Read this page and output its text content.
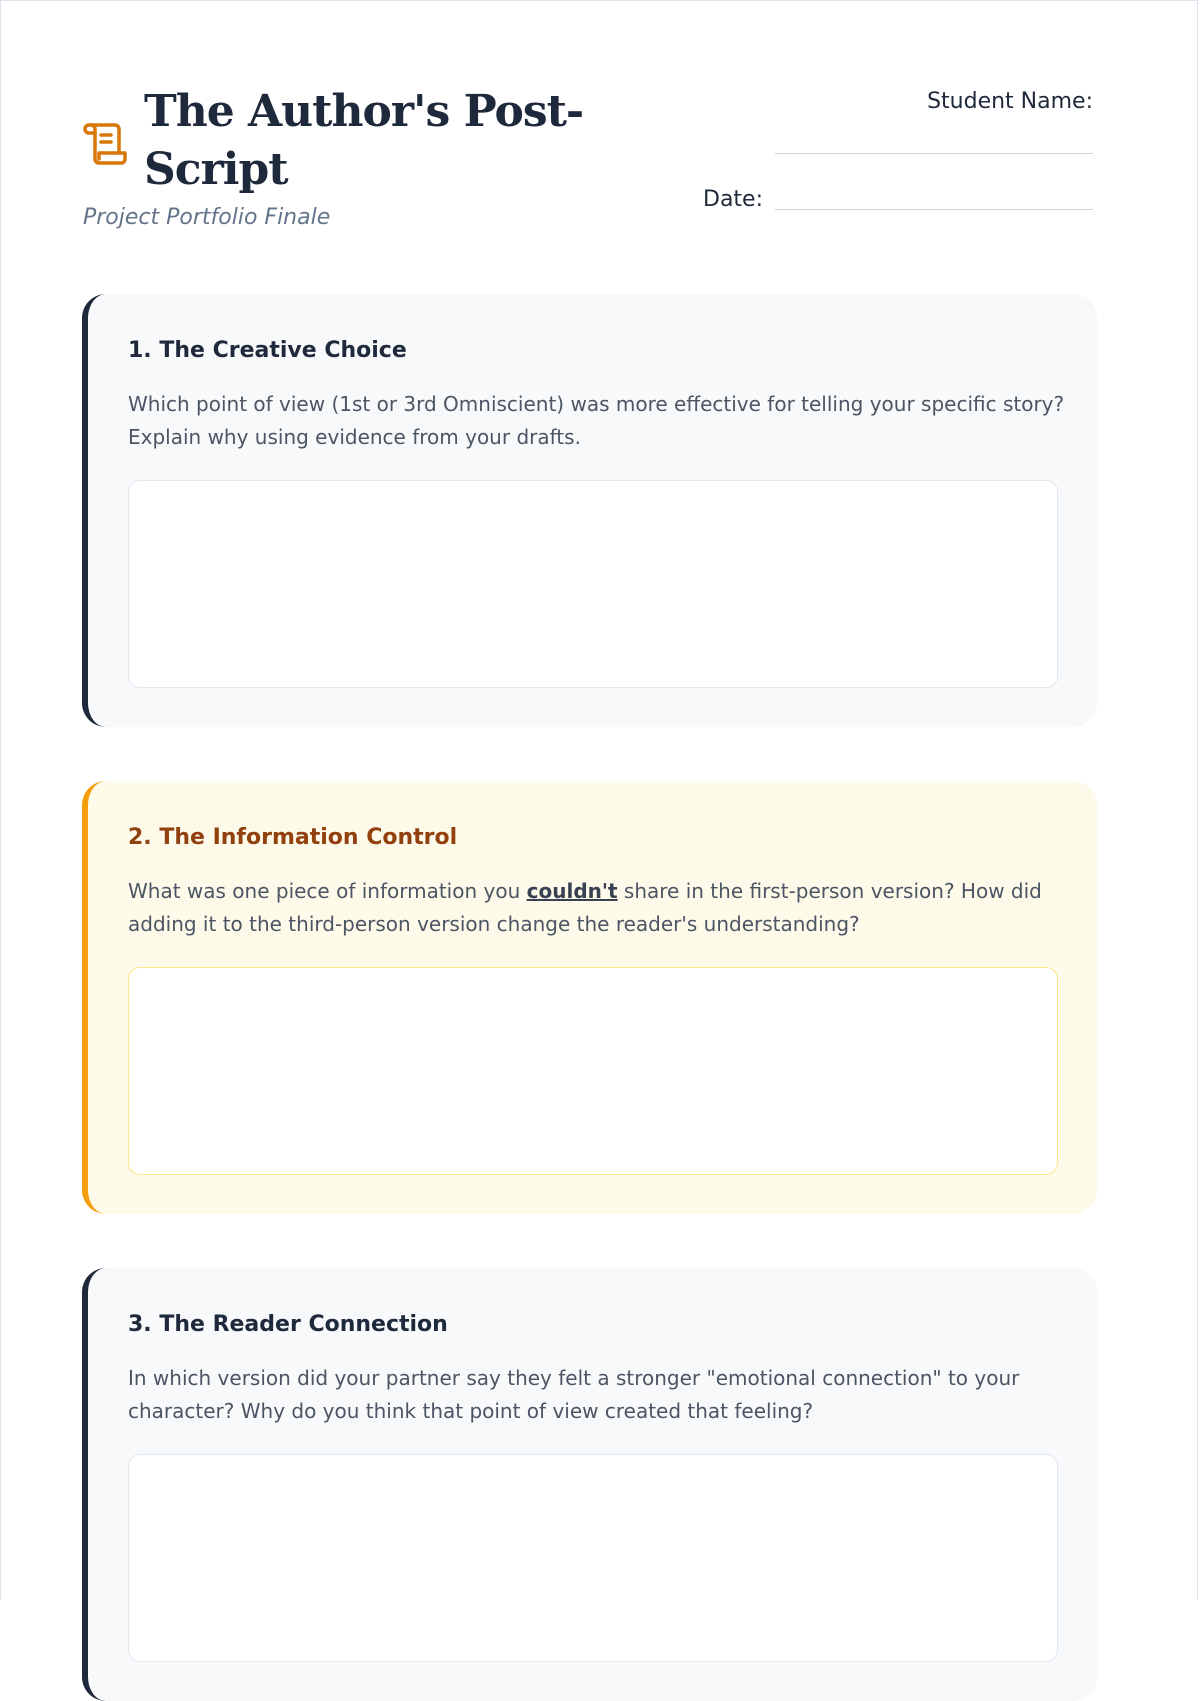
The Author's Post-Script
Project Portfolio Finale
Student Name:
Date:
1. The Creative Choice
Which point of view (1st or 3rd Omniscient) was more effective for telling your specific story? Explain why using evidence from your drafts.
2. The Information Control
What was one piece of information you couldn't share in the first-person version? How did adding it to the third-person version change the reader's understanding?
3. The Reader Connection
In which version did your partner say they felt a stronger "emotional connection" to your character? Why do you think that point of view created that feeling?
